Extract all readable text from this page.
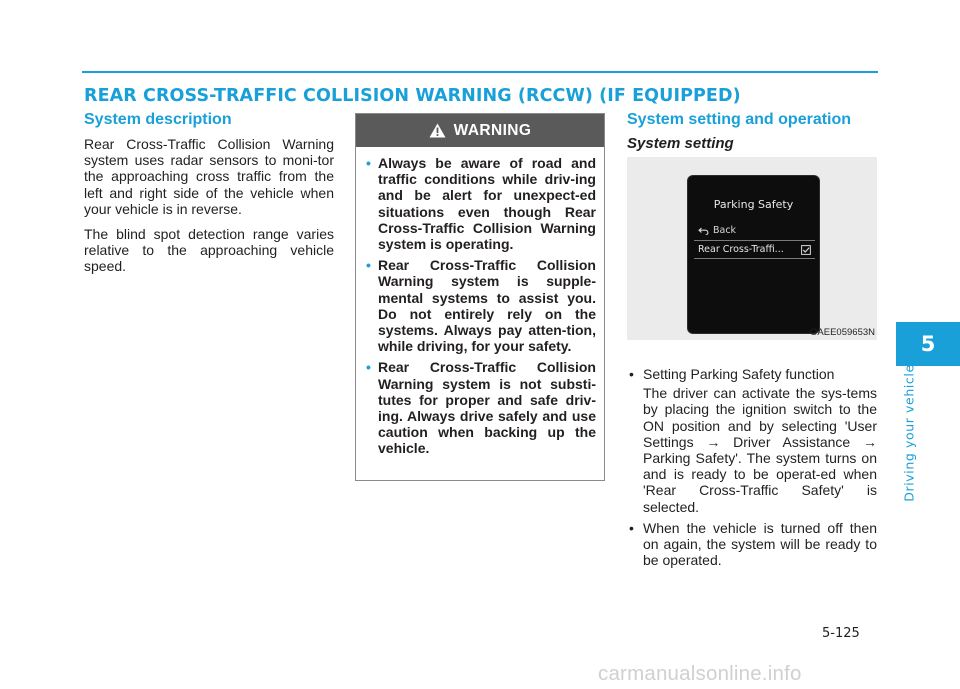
REAR CROSS-TRAFFIC COLLISION WARNING (RCCW) (IF EQUIPPED)
System description

Rear Cross-Traffic Collision Warning system uses radar sensors to moni-tor the approaching cross traffic from the left and right side of the vehicle when your vehicle is in reverse.

The blind spot detection range varies relative to the approaching vehicle speed.

WARNING
• Always be aware of road and traffic conditions while driv-ing and be alert for unexpect-ed situations even though Rear Cross-Traffic Collision Warning system is operating.
• Rear Cross-Traffic Collision Warning system is supple-mental systems to assist you. Do not entirely rely on the systems. Always pay atten-tion, while driving, for your safety.
• Rear Cross-Traffic Collision Warning system is not substi-tutes for proper and safe driv-ing. Always drive safely and use caution when backing up the vehicle.
System setting and operation
System setting
Parking Safety
Back
Rear Cross-Traffi...
OAEE059653N
• Setting Parking Safety function
The driver can activate the sys-tems by placing the ignition switch to the ON position and by selecting 'User Settings → Driver Assistance → Parking Safety'. The system turns on and is ready to be operat-ed when 'Rear Cross-Traffic Safety' is selected.
• When the vehicle is turned off then on again, the system will be ready to be operated.
5
Driving your vehicle
5-125
carmanualsonline.info
